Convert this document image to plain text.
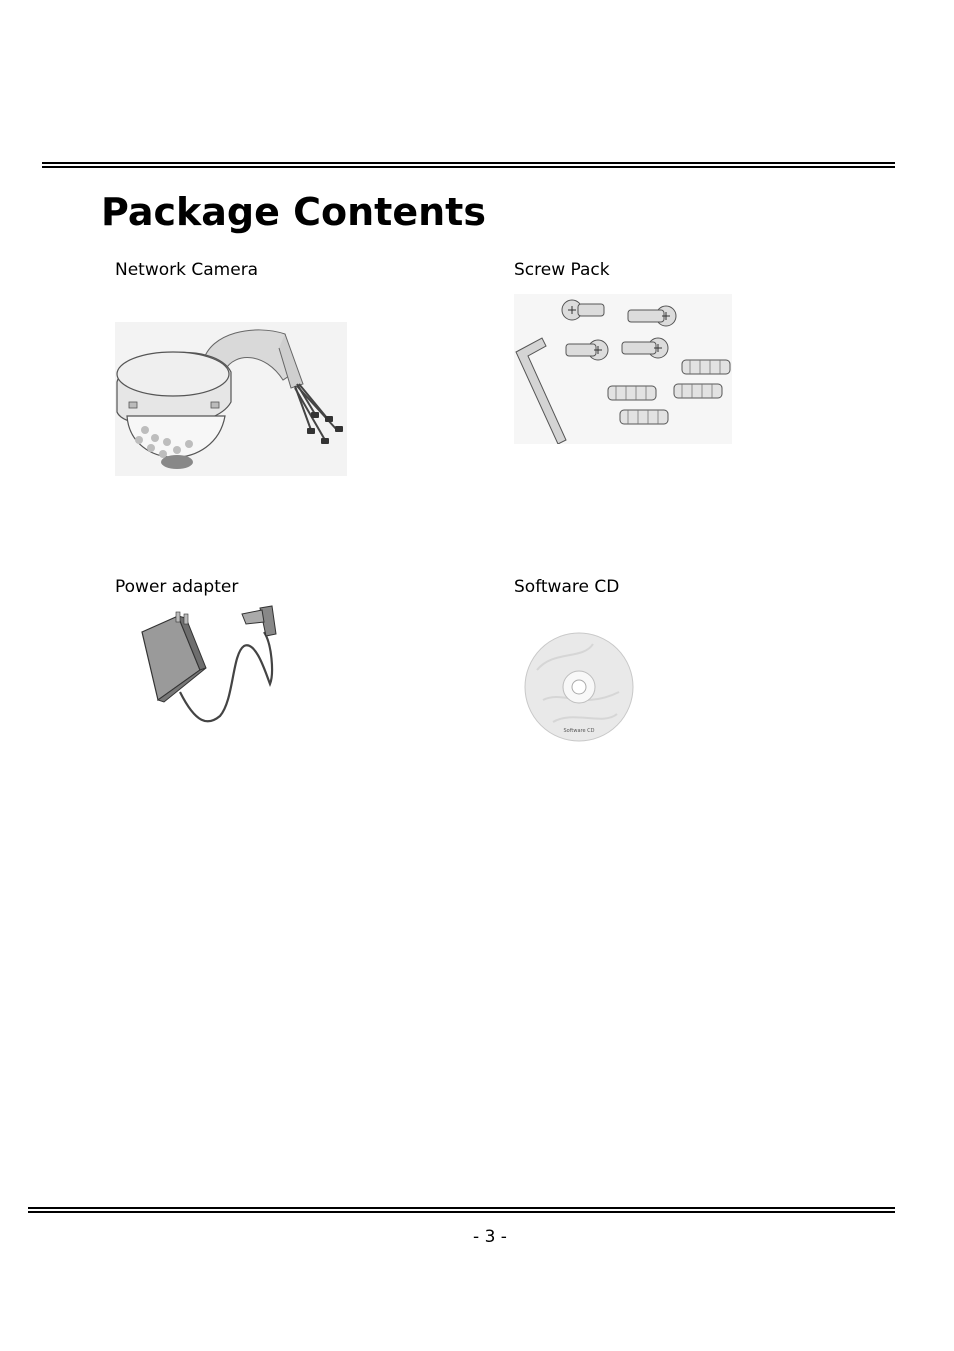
Package Contents
Network Camera	Screw Pack
Power adapter	Software CD
Software CD
- 3 -
